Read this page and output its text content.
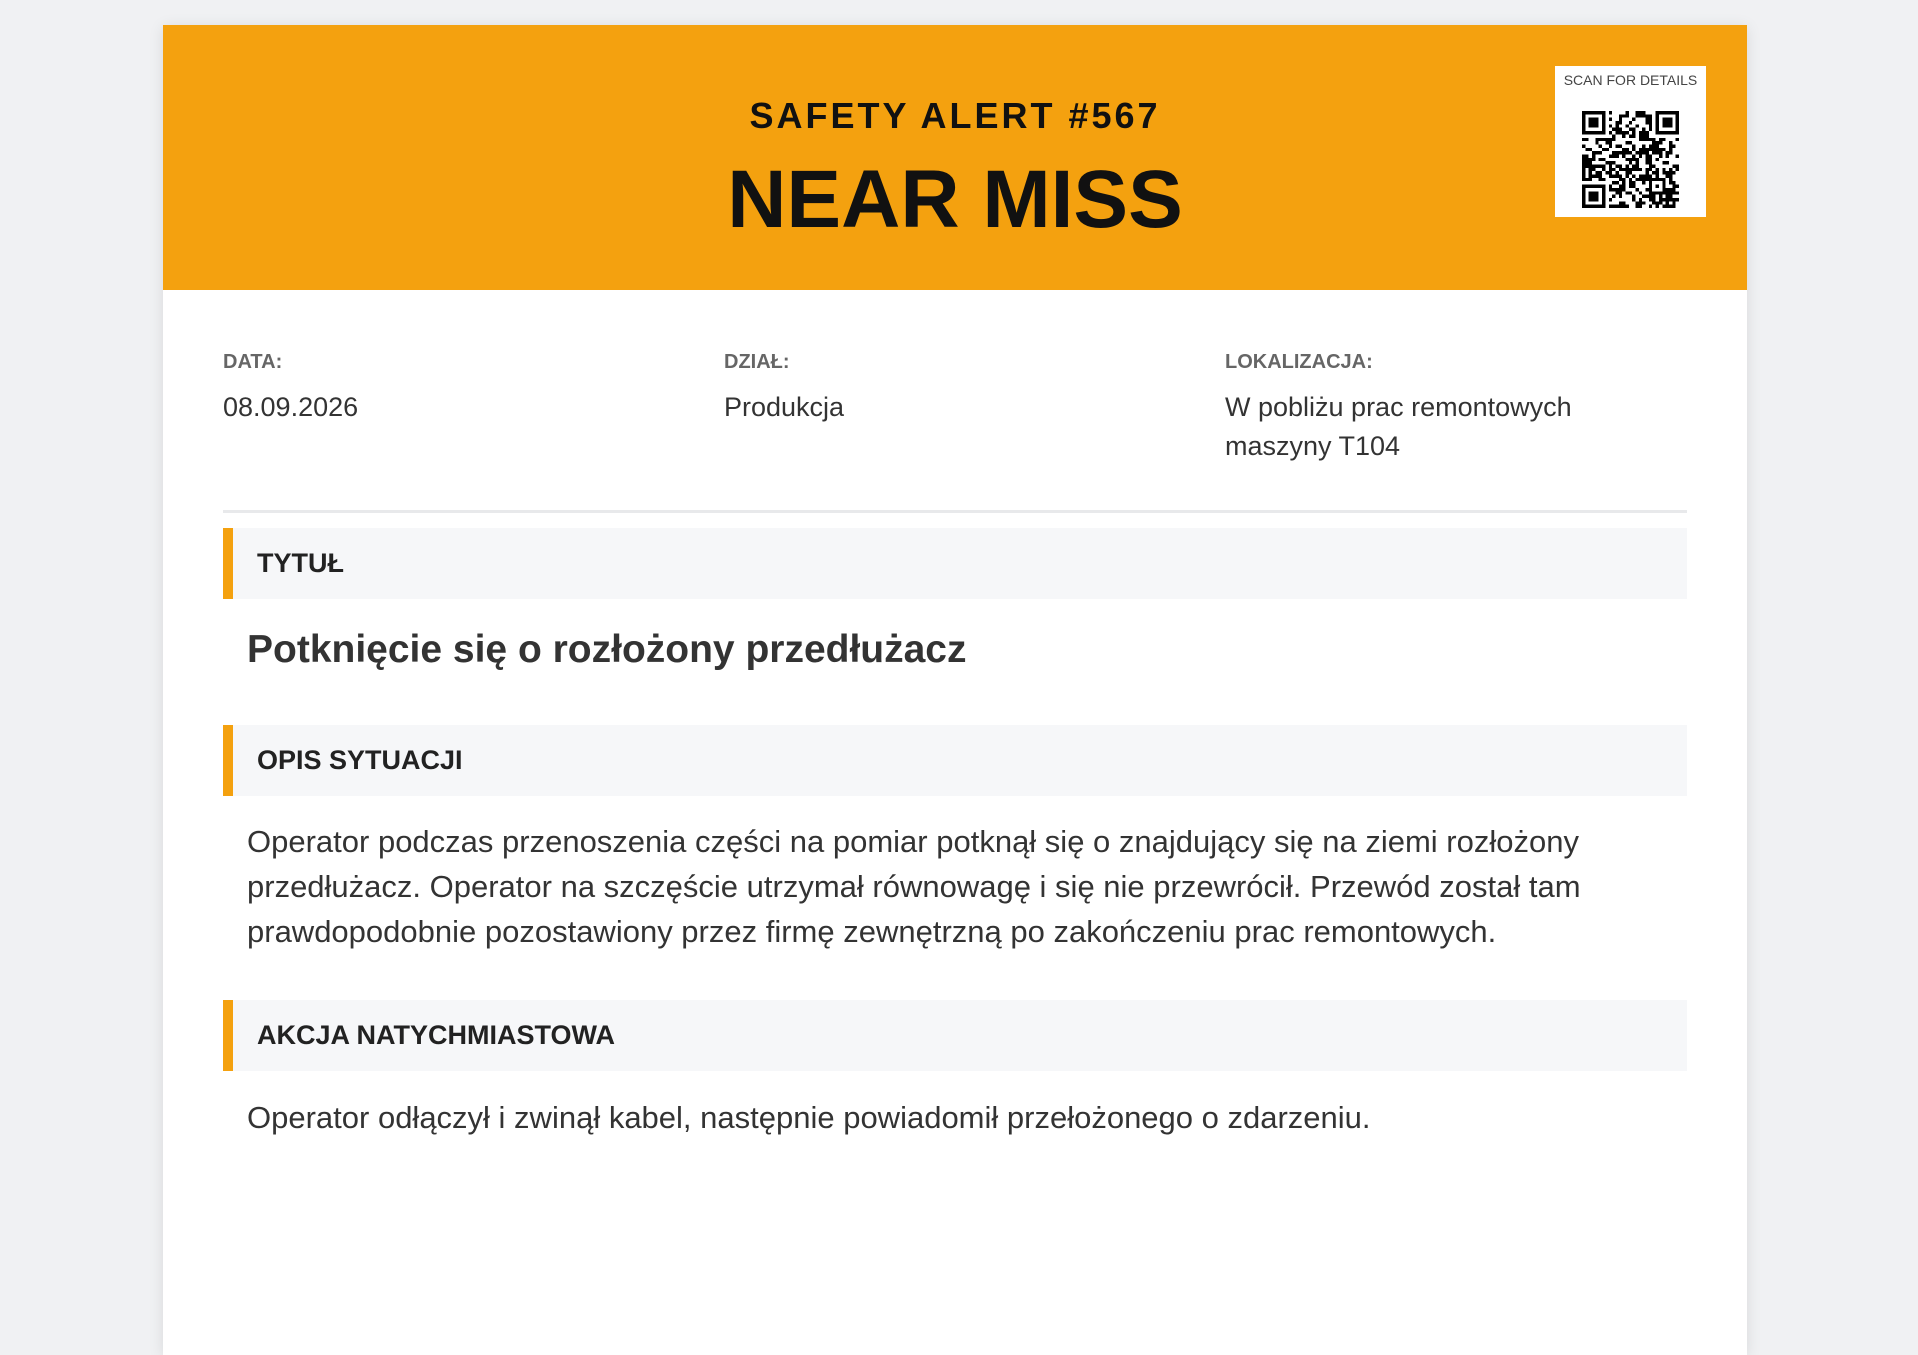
SAFETY ALERT #567
NEAR MISS
SCAN FOR DETAILS
DATA:
08.09.2026
DZIAŁ:
Produkcja
LOKALIZACJA:
W pobliżu prac remontowych maszyny T104
TYTUŁ
Potknięcie się o rozłożony przedłużacz
OPIS SYTUACJI
Operator podczas przenoszenia części na pomiar potknął się o znajdujący się na ziemi rozłożony przedłużacz. Operator na szczęście utrzymał równowagę i się nie przewrócił. Przewód został tam prawdopodobnie pozostawiony przez firmę zewnętrzną po zakończeniu prac remontowych.
AKCJA NATYCHMIASTOWA
Operator odłączył i zwinął kabel, następnie powiadomił przełożonego o zdarzeniu.
